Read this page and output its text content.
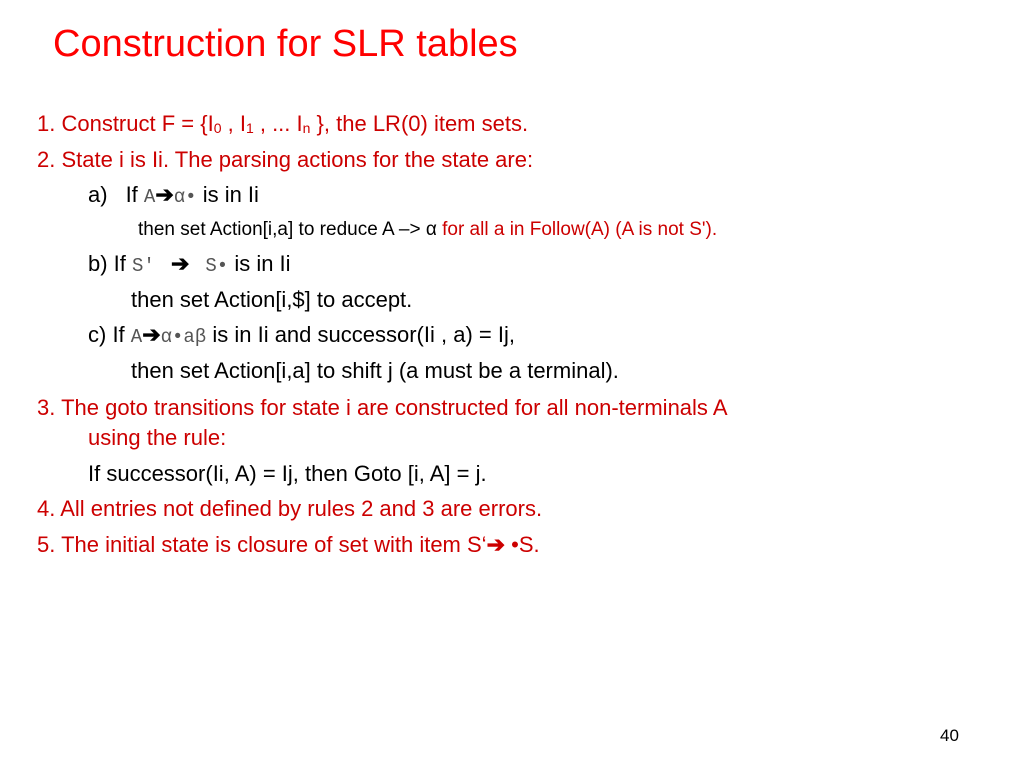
Construction for SLR tables
1. Construct F = {I0 , I1 , ... In }, the LR(0) item sets.
2. State i is Ii. The parsing actions for the state are:
a) If A➔α• is in Ii
then set Action[i,a] to reduce A –> α for all a in Follow(A) (A is not S').
b) If S' ➔ S• is in Ii
then set Action[i,$] to accept.
c) If A➔α•aβ is in Ii and successor(Ii , a) = Ij,
then set Action[i,a] to shift j (a must be a terminal).
3. The goto transitions for state i are constructed for all non-terminals A
using the rule:
If successor(Ii, A) = Ij, then Goto [i, A] = j.
4. All entries not defined by rules 2 and 3 are errors.
5. The initial state is closure of set with item S‘➔ •S.
40
